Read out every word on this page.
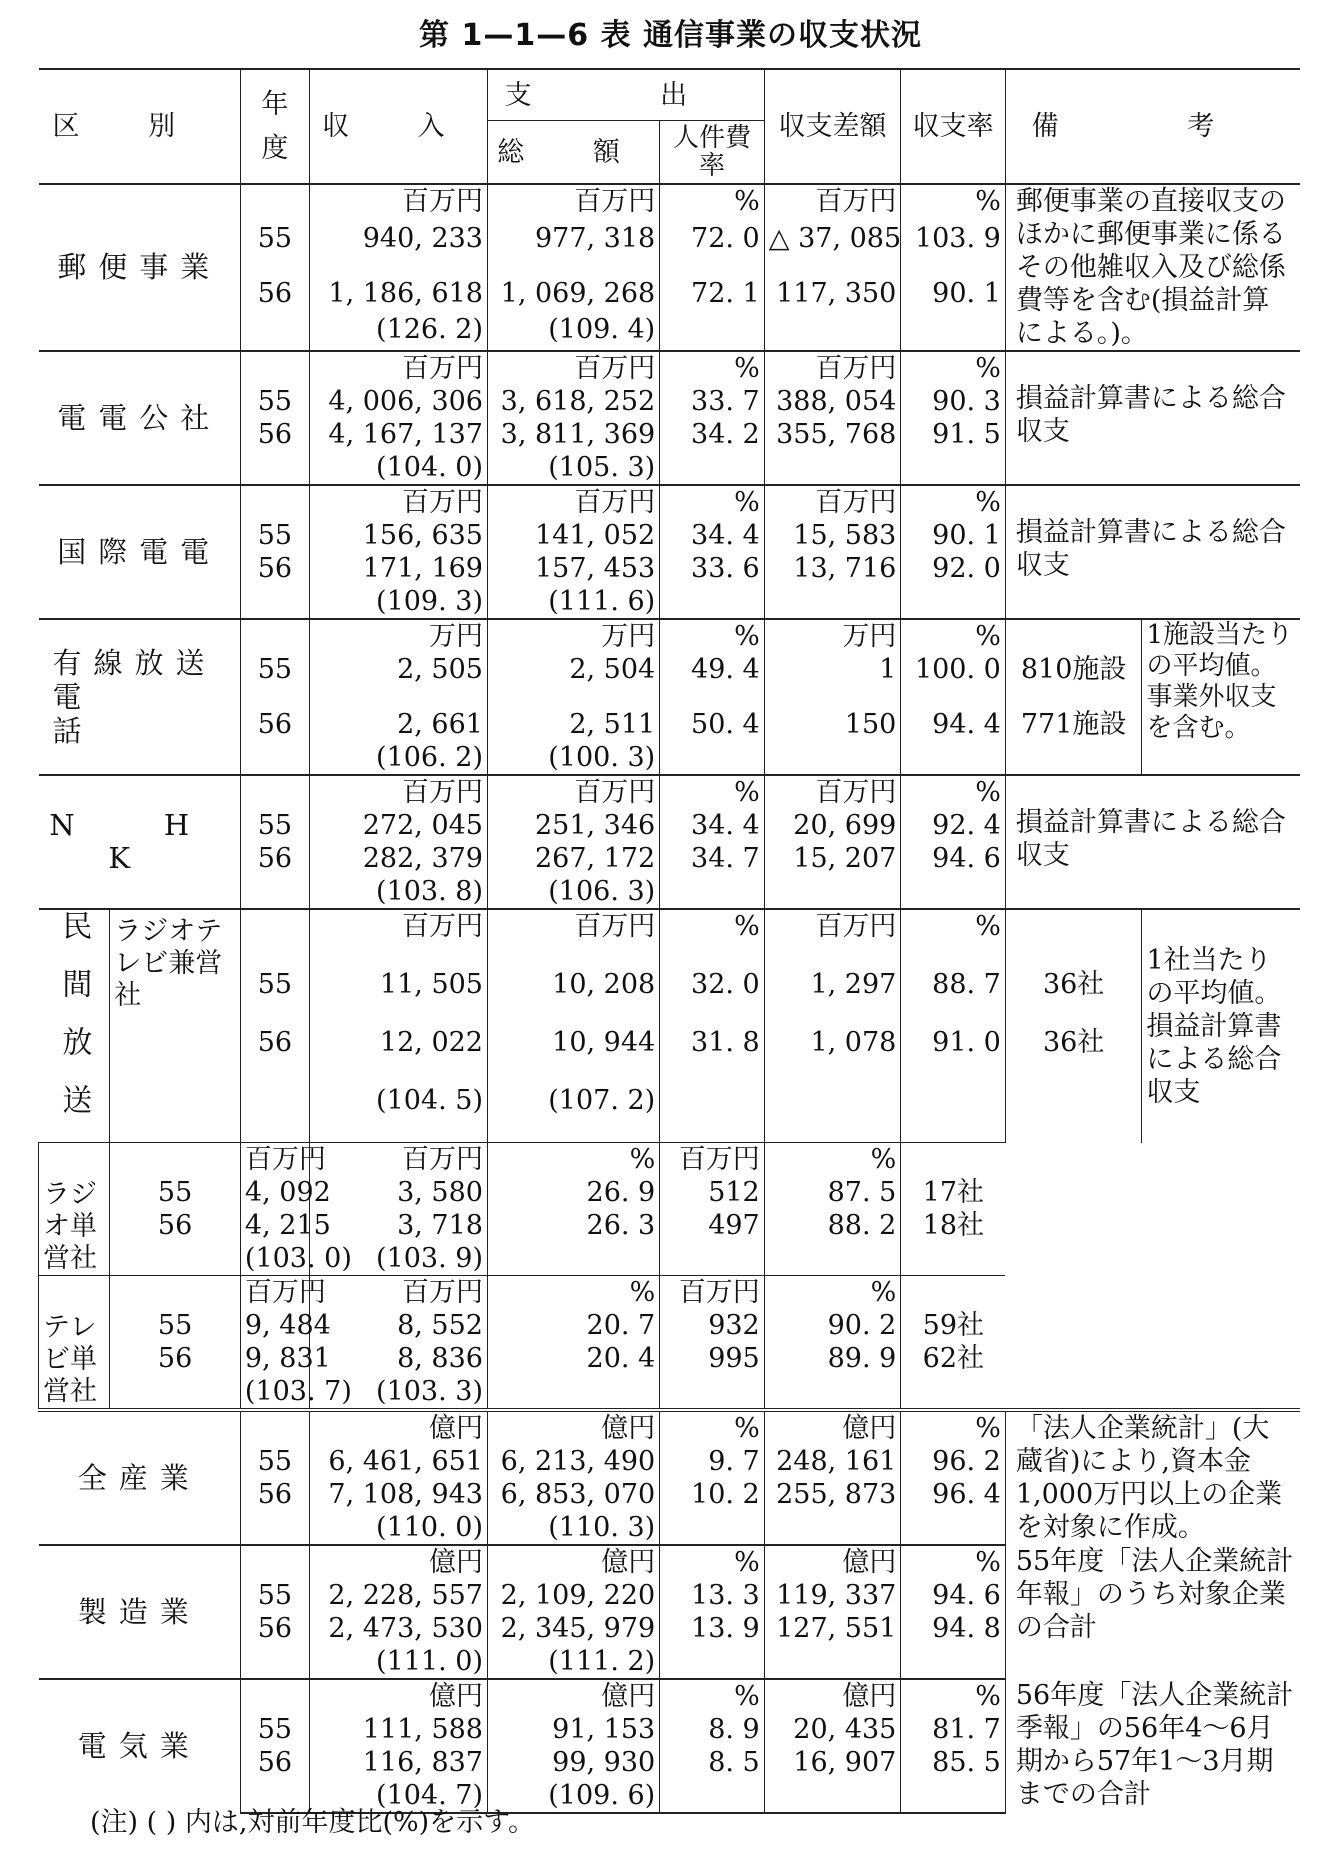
第 1—1—6 表 通信事業の収支状況
区 別		年度	収 入	支 出		収支差額	収支率	備 考	
				総 額	人件費率				
郵便事業			百万円	百万円	%	百万円	%	郵便事業の直接収支のほかに郵便事業に係るその他雑収入及び総係費等を含む(損益計算による。)。	
		55	940, 233	977, 318	72. 0	△ 37, 085	103. 9		
		56	1, 186, 618	1, 069, 268	72. 1	117, 350	90. 1		
			(126. 2)	(109. 4)					
電電公社			百万円	百万円	%	百万円	%	損益計算書による総合収支	
		55	4, 006, 306	3, 618, 252	33. 7	388, 054	90. 3		
		56	4, 167, 137	3, 811, 369	34. 2	355, 768	91. 5		
			(104. 0)	(105. 3)					
国際電電			百万円	百万円	%	百万円	%	損益計算書による総合収支	
		55	156, 635	141, 052	34. 4	15, 583	90. 1		
		56	171, 169	157, 453	33. 6	13, 716	92. 0		
			(109. 3)	(111. 6)					

有線放送
電 話			万円	万円	%	万円	%		1施設当たりの平均値。事業外収支を含む。
		55	2, 505	2, 504	49. 4	1	100. 0	810施設	
		56	2, 661	2, 511	50. 4	150	94. 4	771施設	
			(106. 2)	(100. 3)					
N H K			百万円	百万円	%	百万円	%	損益計算書による総合収支	
		55	272, 045	251, 346	34. 4	20, 699	92. 4		
		56	282, 379	267, 172	34. 7	15, 207	94. 6		
			(103. 8)	(106. 3)					

民間放送	ラジオテレビ兼営社		百万円	百万円	%	百万円	%		1社当たりの平均値。損益計算書による総合収支
		55	11, 505	10, 208	32. 0	1, 297	88. 7	36社	
		56	12, 022	10, 944	31. 8	1, 078	91. 0	36社	
			(104. 5)	(107. 2)					
ラジオ単営社		百万円	百万円	%	百万円	%			
	55	4, 092	3, 580	26. 9	512	87. 5	17社		
	56	4, 215	3, 718	26. 3	497	88. 2	18社		
		(103. 0)	(103. 9)						
テレビ単営社		百万円	百万円	%	百万円	%			
	55	9, 484	8, 552	20. 7	932	90. 2	59社		
	56	9, 831	8, 836	20. 4	995	89. 9	62社		
		(103. 7)	(103. 3)						
全産業			億円	億円	%	億円	%	「法人企業統計」(大蔵省)により,資本金1,000万円以上の企業を対象に作成。	
		55	6, 461, 651	6, 213, 490	9. 7	248, 161	96. 2		
		56	7, 108, 943	6, 853, 070	10. 2	255, 873	96. 4		
			(110. 0)	(110. 3)					
製造業			億円	億円	%	億円	%	55年度「法人企業統計年報」のうち対象企業の合計	
		55	2, 228, 557	2, 109, 220	13. 3	119, 337	94. 6		
		56	2, 473, 530	2, 345, 979	13. 9	127, 551	94. 8		
			(111. 0)	(111. 2)					
電気業			億円	億円	%	億円	%	56年度「法人企業統計季報」の56年4～6月期から57年1～3月期までの合計	
		55	111, 588	91, 153	8. 9	20, 435	81. 7		
		56	116, 837	99, 930	8. 5	16, 907	85. 5		
			(104. 7)	(109. 6)					
(注) ( ) 内は,対前年度比(%)を示す。
